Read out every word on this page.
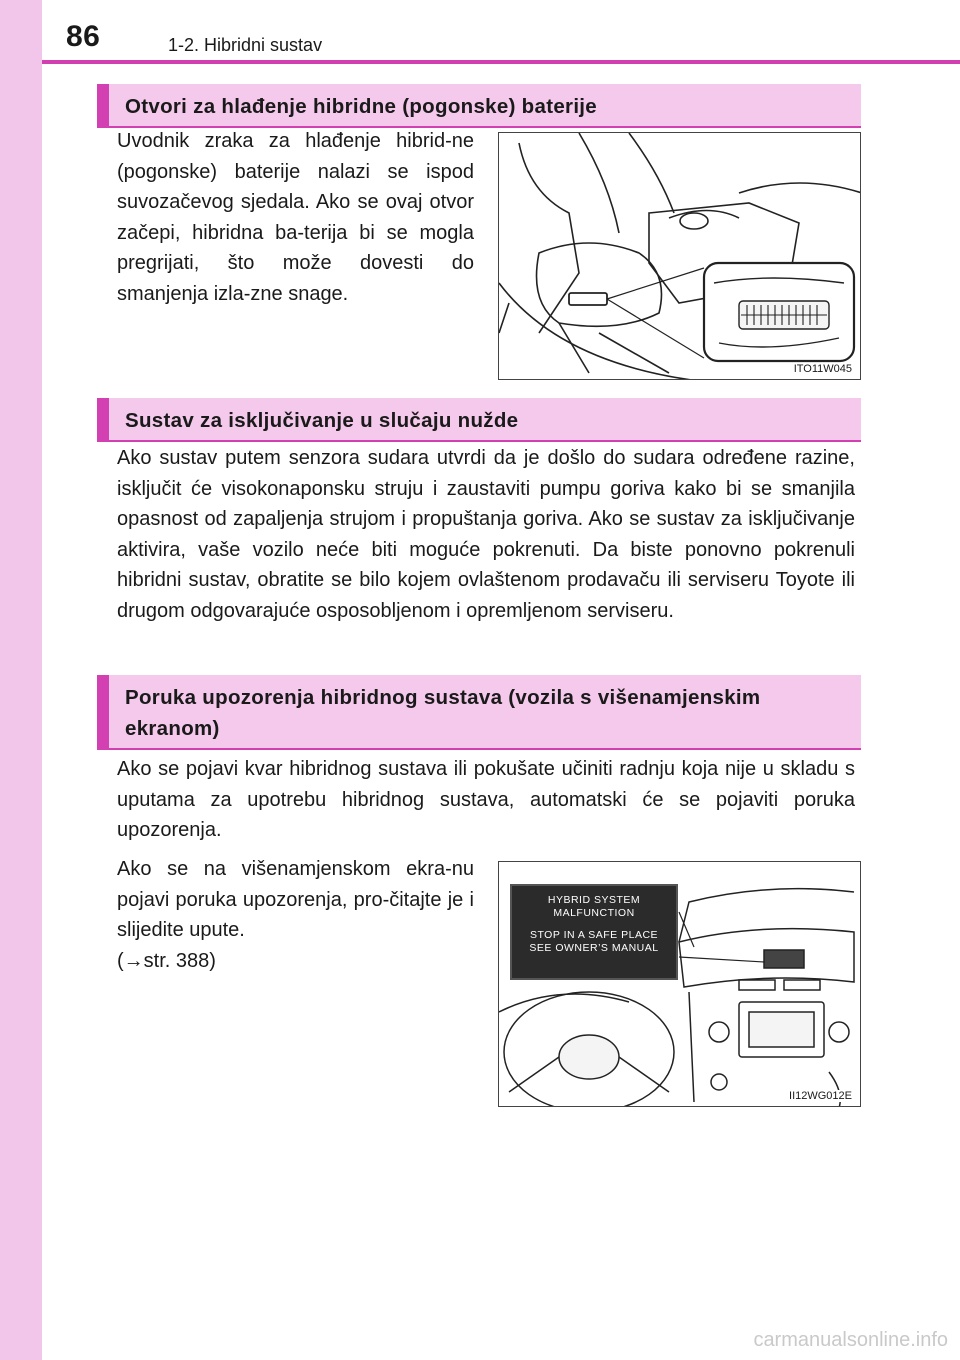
86	1-2. Hibridni sustav
Otvori za hlađenje hibridne (pogonske) baterije

Uvodnik zraka za hlađenje hibrid-ne (pogonske) baterije nalazi se ispod suvozačevog sjedala. Ako se ovaj otvor začepi, hibridna ba-terija bi se mogla pregrijati, što može dovesti do smanjenja izla-zne snage.

ITO11W045
Sustav za isključivanje u slučaju nužde

Ako sustav putem senzora sudara utvrdi da je došlo do sudara određene razine, isključit će visokonaponsku struju i zaustaviti pumpu goriva kako bi se smanjila opasnost od zapaljenja strujom i propuštanja goriva. Ako se sustav za isključivanje aktivira, vaše vozilo neće biti moguće pokrenuti. Da biste ponovno pokrenuli hibridni sustav, obratite se bilo kojem ovlaštenom prodavaču ili serviseru Toyote ili drugom odgovarajuće osposobljenom i opremljenom serviseru.

Poruka upozorenja hibridnog sustava (vozila s višenamjenskim ekranom)

Ako se pojavi kvar hibridnog sustava ili pokušate učiniti radnju koja nije u skladu s uputama za upotrebu hibridnog sustava, automatski će se pojaviti poruka upozorenja.

Ako se na višenamjenskom ekra-nu pojavi poruka upozorenja, pro-čitajte je i slijedite upute.

(→str. 388)

II12WG012E
HYBRID SYSTEM
MALFUNCTION
STOP IN A SAFE PLACE
SEE OWNER’S MANUAL
carmanualsonline.info
